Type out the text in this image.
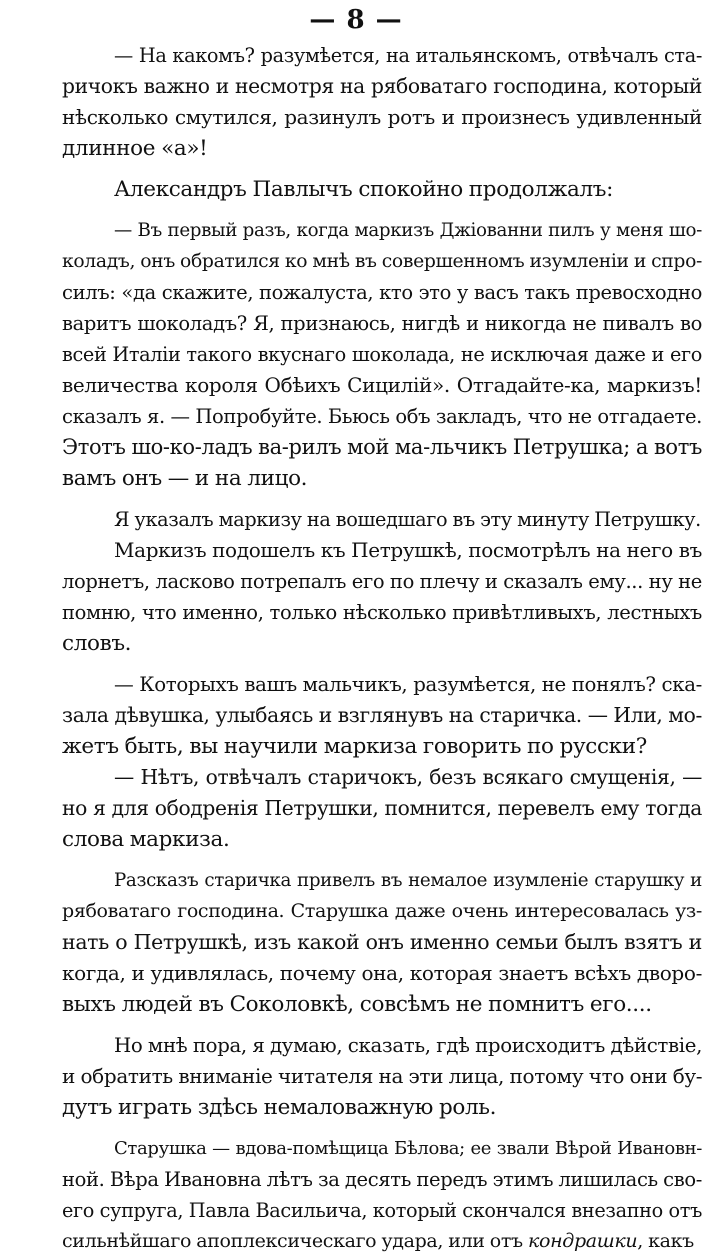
— 8 —
— На какомъ? разумѣется, на итальянскомъ, отвѣчалъ ста-
ричокъ важно и несмотря на рябоватаго господина, который
нѣсколько смутился, разинулъ ротъ и произнесъ удивленный
длинное «а»!
Александръ Павлычъ спокойно продолжалъ:
— Въ первый разъ, когда маркизъ Джіованни пилъ у меня шо-
коладъ, онъ обратился ко мнѣ въ совершенномъ изумленіи и спро-
силъ: «да скажите, пожалуста, кто это у васъ такъ превосходно
варитъ шоколадъ? Я, признаюсь, нигдѣ и никогда не пивалъ во
всей Италіи такого вкуснаго шоколада, не исключая даже и его
величества короля Обѣихъ Сицилій». Отгадайте-ка, маркизъ!
сказалъ я. — Попробуйте. Бьюсь объ закладъ, что не отгадаете.
Этотъ шо-ко-ладъ ва-рилъ мой ма-льчикъ Петрушка; а вотъ
вамъ онъ — и на лицо.
Я указалъ маркизу на вошедшаго въ эту минуту Петрушку.
Маркизъ подошелъ къ Петрушкѣ, посмотрѣлъ на него въ
лорнетъ, ласково потрепалъ его по плечу и сказалъ ему... ну не
помню, что именно, только нѣсколько привѣтливыхъ, лестныхъ
словъ.
— Которыхъ вашъ мальчикъ, разумѣется, не понялъ? ска-
зала дѣвушка, улыбаясь и взглянувъ на старичка. — Или, мо-
жетъ быть, вы научили маркиза говорить по русски?
— Нѣтъ, отвѣчалъ старичокъ, безъ всякаго смущенія, —
но я для ободренія Петрушки, помнится, перевелъ ему тогда
слова маркиза.
Разсказъ старичка привелъ въ немалое изумленіе старушку и
рябоватаго господина. Старушка даже очень интересовалась уз-
нать о Петрушкѣ, изъ какой онъ именно семьи былъ взятъ и
когда, и удивлялась, почему она, которая знаетъ всѣхъ дворо-
выхъ людей въ Соколовкѣ, совсѣмъ не помнитъ его....
Но мнѣ пора, я думаю, сказать, гдѣ происходитъ дѣйствіе,
и обратить вниманіе читателя на эти лица, потому что они бу-
дутъ играть здѣсь немаловажную роль.
Старушка — вдова-помѣщица Бѣлова; ее звали Вѣрой Ивановн-
ной. Вѣра Ивановна лѣтъ за десять передъ этимъ лишилась сво-
его супруга, Павла Васильича, который скончался внезапно отъ
сильнѣйшаго апоплексическаго удара, или отъ кондрашки, какъ
